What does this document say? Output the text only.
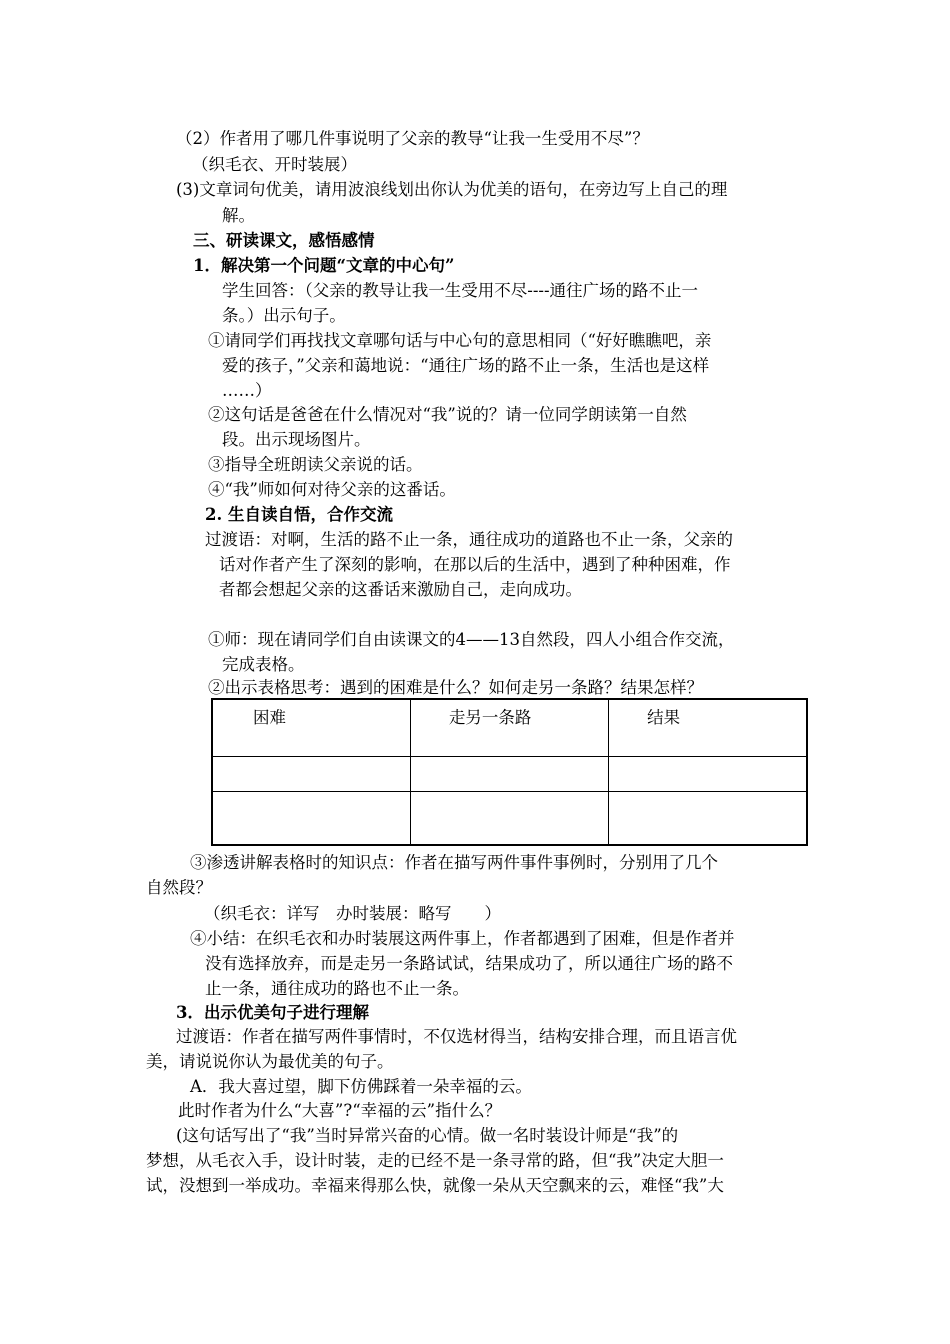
（2）作者用了哪几件事说明了父亲的教导“让我一生受用不尽”？
（织毛衣、开时装展）
(3)文章词句优美，请用波浪线划出你认为优美的语句，在旁边写上自己的理
解。
三、研读课文，感悟感情
1．解决第一个问题“文章的中心句”
学生回答：（父亲的教导让我一生受用不尽----通往广场的路不止一
条。）出示句子。
①请同学们再找找文章哪句话与中心句的意思相同（“好好瞧瞧吧，亲
爱的孩子，”父亲和蔼地说：“通往广场的路不止一条，生活也是这样
……）
②这句话是爸爸在什么情况对“我”说的？请一位同学朗读第一自然
段。出示现场图片。
③指导全班朗读父亲说的话。
④“我”师如何对待父亲的这番话。
2. 生自读自悟，合作交流
过渡语：对啊，生活的路不止一条，通往成功的道路也不止一条，父亲的
话对作者产生了深刻的影响，在那以后的生活中，遇到了种种困难，作
者都会想起父亲的这番话来激励自己，走向成功。
①师：现在请同学们自由读课文的4——13自然段，四人小组合作交流，
完成表格。
②出示表格思考：遇到的困难是什么？如何走另一条路？结果怎样？
③渗透讲解表格时的知识点：作者在描写两件事件事例时，分别用了几个
自然段？
（织毛衣：详写　办时装展：略写　　）
④小结：在织毛衣和办时装展这两件事上，作者都遇到了困难，但是作者并
没有选择放弃，而是走另一条路试试，结果成功了，所以通往广场的路不
止一条，通往成功的路也不止一条。
3．出示优美句子进行理解
过渡语：作者在描写两件事情时，不仅选材得当，结构安排合理，而且语言优
美，请说说你认为最优美的句子。
A．我大喜过望，脚下仿佛踩着一朵幸福的云。
此时作者为什么“大喜”?“幸福的云”指什么？
(这句话写出了“我”当时异常兴奋的心情。做一名时装设计师是“我”的
梦想，从毛衣入手，设计时装，走的已经不是一条寻常的路，但“我”决定大胆一
试，没想到一举成功。幸福来得那么快，就像一朵从天空飘来的云，难怪“我”大
困难	走另一条路	结果
